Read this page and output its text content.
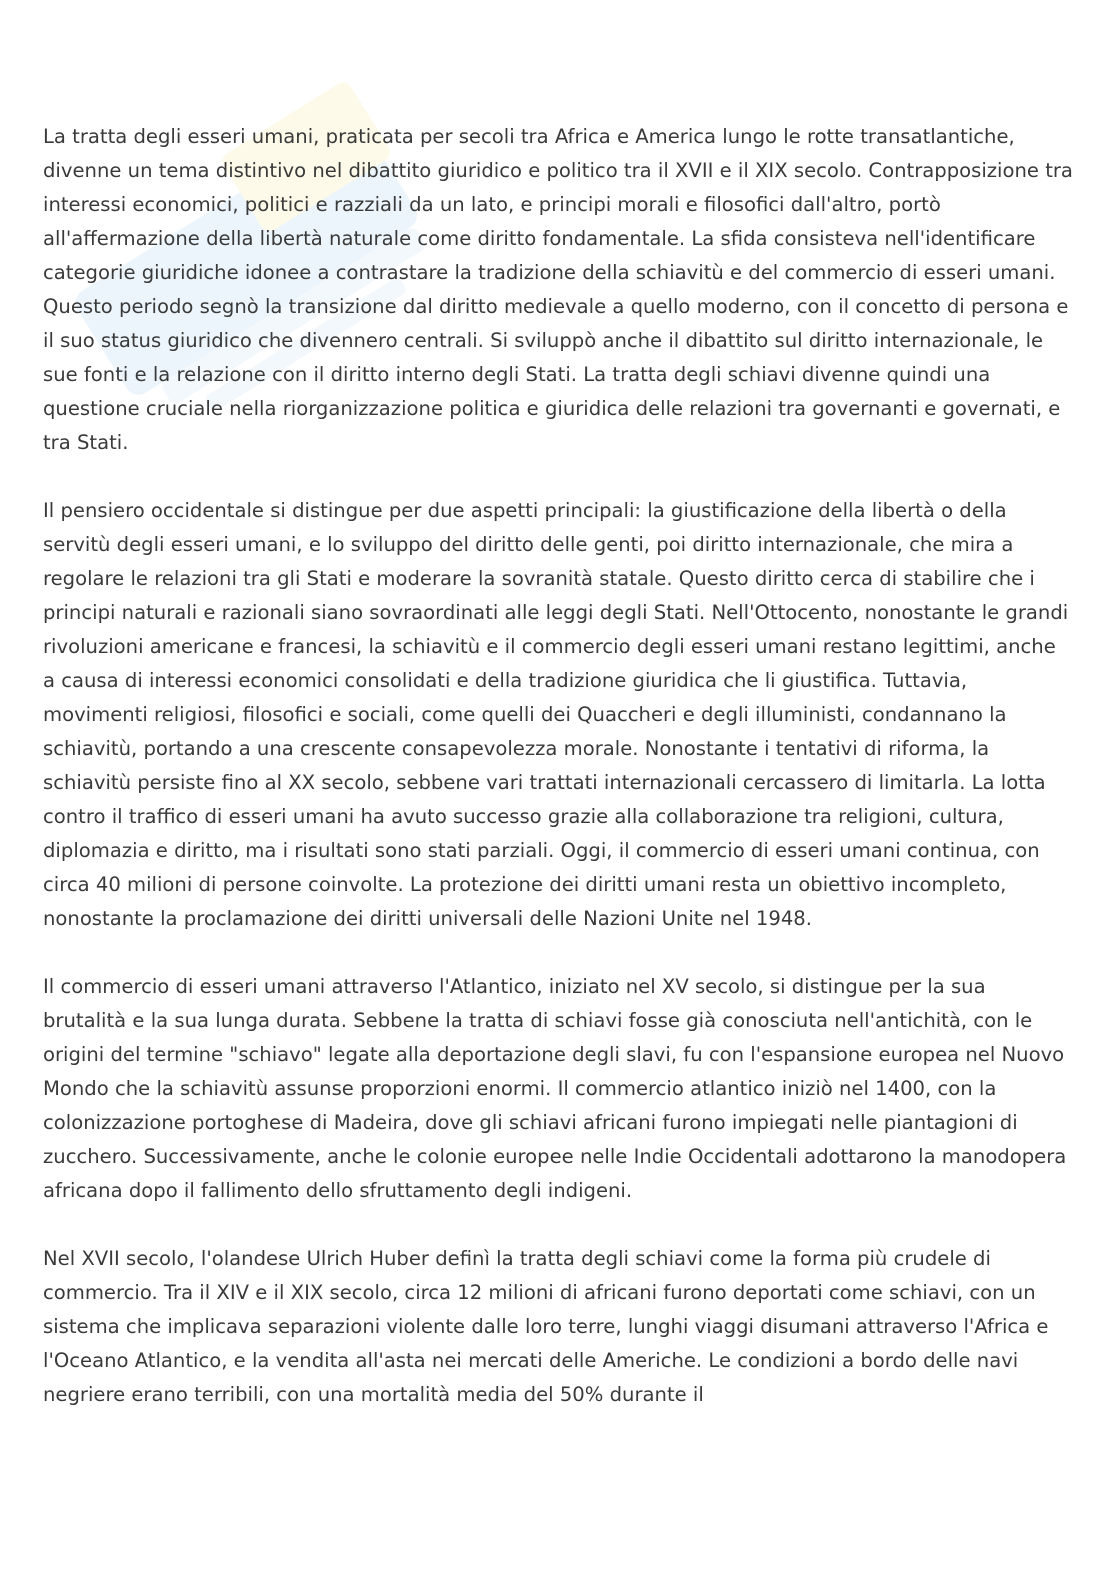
La tratta degli esseri umani, praticata per secoli tra Africa e America lungo le rotte transatlantiche, divenne un tema distintivo nel dibattito giuridico e politico tra il XVII e il XIX secolo. Contrapposizione tra interessi economici, politici e razziali da un lato, e principi morali e filosofici dall'altro, portò all'affermazione della libertà naturale come diritto fondamentale. La sfida consisteva nell'identificare categorie giuridiche idonee a contrastare la tradizione della schiavitù e del commercio di esseri umani. Questo periodo segnò la transizione dal diritto medievale a quello moderno, con il concetto di persona e il suo status giuridico che divennero centrali. Si sviluppò anche il dibattito sul diritto internazionale, le sue fonti e la relazione con il diritto interno degli Stati. La tratta degli schiavi divenne quindi una questione cruciale nella riorganizzazione politica e giuridica delle relazioni tra governanti e governati, e tra Stati.

Il pensiero occidentale si distingue per due aspetti principali: la giustificazione della libertà o della servitù degli esseri umani, e lo sviluppo del diritto delle genti, poi diritto internazionale, che mira a regolare le relazioni tra gli Stati e moderare la sovranità statale. Questo diritto cerca di stabilire che i principi naturali e razionali siano sovraordinati alle leggi degli Stati. Nell'Ottocento, nonostante le grandi rivoluzioni americane e francesi, la schiavitù e il commercio degli esseri umani restano legittimi, anche a causa di interessi economici consolidati e della tradizione giuridica che li giustifica. Tuttavia, movimenti religiosi, filosofici e sociali, come quelli dei Quaccheri e degli illuministi, condannano la schiavitù, portando a una crescente consapevolezza morale. Nonostante i tentativi di riforma, la schiavitù persiste fino al XX secolo, sebbene vari trattati internazionali cercassero di limitarla. La lotta contro il traffico di esseri umani ha avuto successo grazie alla collaborazione tra religioni, cultura, diplomazia e diritto, ma i risultati sono stati parziali. Oggi, il commercio di esseri umani continua, con circa 40 milioni di persone coinvolte. La protezione dei diritti umani resta un obiettivo incompleto, nonostante la proclamazione dei diritti universali delle Nazioni Unite nel 1948.

Il commercio di esseri umani attraverso l'Atlantico, iniziato nel XV secolo, si distingue per la sua brutalità e la sua lunga durata. Sebbene la tratta di schiavi fosse già conosciuta nell'antichità, con le origini del termine "schiavo" legate alla deportazione degli slavi, fu con l'espansione europea nel Nuovo Mondo che la schiavitù assunse proporzioni enormi. Il commercio atlantico iniziò nel 1400, con la colonizzazione portoghese di Madeira, dove gli schiavi africani furono impiegati nelle piantagioni di zucchero. Successivamente, anche le colonie europee nelle Indie Occidentali adottarono la manodopera africana dopo il fallimento dello sfruttamento degli indigeni.

Nel XVII secolo, l'olandese Ulrich Huber definì la tratta degli schiavi come la forma più crudele di commercio. Tra il XIV e il XIX secolo, circa 12 milioni di africani furono deportati come schiavi, con un sistema che implicava separazioni violente dalle loro terre, lunghi viaggi disumani attraverso l'Africa e l'Oceano Atlantico, e la vendita all'asta nei mercati delle Americhe. Le condizioni a bordo delle navi negriere erano terribili, con una mortalità media del 50% durante il
